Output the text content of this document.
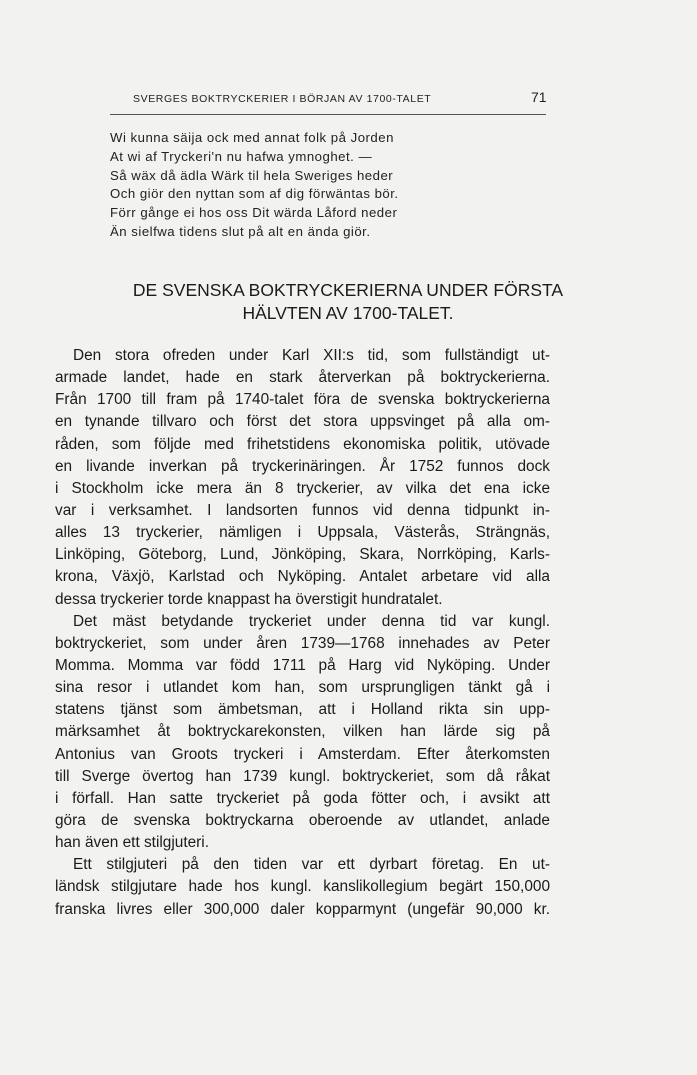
SVERGES BOKTRYCKERIER I BÖRJAN AV 1700-TALET	71
Wi kunna säija ock med annat folk på Jorden
At wi af Tryckeri'n nu hafwa ymnoghet. —
Så wäx då ädla Wärk til hela Sweriges heder
Och giör den nyttan som af dig förwäntas bör.
Förr gånge ei hos oss Dit wärda Låford neder
Än sielfwa tidens slut på alt en ända giör.
DE SVENSKA BOKTRYCKERIERNA UNDER FÖRSTA
HÄLVTEN AV 1700-TALET.
Den stora ofreden under Karl XII:s tid, som fullständigt ut-
armade landet, hade en stark återverkan på boktryckerierna.
Från 1700 till fram på 1740-talet föra de svenska boktryckerierna
en tynande tillvaro och först det stora uppsvinget på alla om-
råden, som följde med frihetstidens ekonomiska politik, utövade
en livande inverkan på tryckerinäringen. År 1752 funnos dock
i Stockholm icke mera än 8 tryckerier, av vilka det ena icke
var i verksamhet. I landsorten funnos vid denna tidpunkt in-
alles 13 tryckerier, nämligen i Uppsala, Västerås, Strängnäs,
Linköping, Göteborg, Lund, Jönköping, Skara, Norrköping, Karls-
krona, Växjö, Karlstad och Nyköping. Antalet arbetare vid alla
dessa tryckerier torde knappast ha överstigit hundratalet.
Det mäst betydande tryckeriet under denna tid var kungl.
boktryckeriet, som under åren 1739—1768 innehades av Peter
Momma. Momma var född 1711 på Harg vid Nyköping. Under
sina resor i utlandet kom han, som ursprungligen tänkt gå i
statens tjänst som ämbetsman, att i Holland rikta sin upp-
märksamhet åt boktryckarekonsten, vilken han lärde sig på
Antonius van Groots tryckeri i Amsterdam. Efter återkomsten
till Sverge övertog han 1739 kungl. boktryckeriet, som då råkat
i förfall. Han satte tryckeriet på goda fötter och, i avsikt att
göra de svenska boktryckarna oberoende av utlandet, anlade
han även ett stilgjuteri.
Ett stilgjuteri på den tiden var ett dyrbart företag. En ut-
ländsk stilgjutare hade hos kungl. kanslikollegium begärt 150,000
franska livres eller 300,000 daler kopparmynt (ungefär 90,000 kr.
